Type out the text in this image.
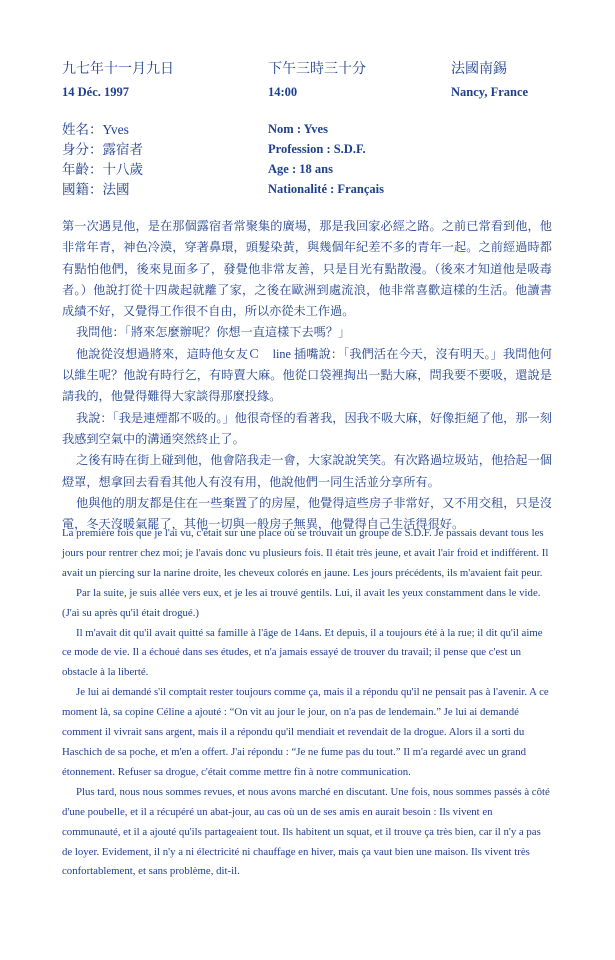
九七年十一月九日	下午三時三十分	法國南錫
14 Déc. 1997	14:00	Nancy, France
姓名：Yves	Nom : Yves
身分：露宿者	Profession : S.D.F.
年齡：十八歲	Age : 18 ans
國籍：法國	Nationalité : Français

第一次遇見他，是在那個露宿者常聚集的廣場，那是我回家必經之路。之前已常看到他，他非常年青，神色冷漠，穿著鼻環，頭髮染黃，與幾個年紀差不多的青年一起。之前經過時都有點怕他們，後來見面多了，發覺他非常友善，只是目光有點散漫。（後來才知道他是吸毒者。）他說打從十四歲起就離了家，之後在歐洲到處流浪，他非常喜歡這樣的生活。他讀書成績不好，又覺得工作很不自由，所以亦從未工作過。

我問他：「將來怎麼辦呢？你想一直這樣下去嗎？」

他說從沒想過將來，這時他女友Ｃ　line 插嘴說：「我們活在今天，沒有明天。」我問他何以維生呢？他說有時行乞，有時賣大麻。他從口袋裡掏出一點大麻，問我要不要吸，還說是請我的，他覺得難得大家談得那麼投緣。

我說：「我是連煙都不吸的。」他很奇怪的看著我，因我不吸大麻，好像拒絕了他，那一刻我感到空氣中的溝通突然終止了。

之後有時在街上碰到他，他會陪我走一會，大家說說笑笑。有次路過垃圾站，他拾起一個燈罩，想拿回去看看其他人有沒有用，他說他們一同生活並分享所有。

他與他的朋友都是住在一些棄置了的房屋，他覺得這些房子非常好，又不用交租，只是沒電，冬天沒暖氣罷了，其他一切與一般房子無異，他覺得自己生活得很好。

La première fois que je l'ai vu, c'était sur une place où se trouvait un groupe de S.D.F. Je passais devant tous les jours pour rentrer chez moi; je l'avais donc vu plusieurs fois. Il était très jeune, et avait l'air froid et indifférent. Il avait un piercing sur la narine droite, les cheveux colorés en jaune. Les jours précédents, ils m'avaient fait peur.

Par la suite, je suis allée vers eux, et je les ai trouvé gentils. Lui, il avait les yeux constamment dans le vide. (J'ai su après qu'il était drogué.)

Il m'avait dit qu'il avait quitté sa famille à l'âge de 14ans. Et depuis, il a toujours été à la rue; il dit qu'il aime ce mode de vie. Il a échoué dans ses études, et n'a jamais essayé de trouver du travail; il pense que c'est un obstacle à la liberté.

Je lui ai demandé s'il comptait rester toujours comme ça, mais il a répondu qu'il ne pensait pas à l'avenir. A ce moment là, sa copine Céline a ajouté : “On vit au jour le jour, on n'a pas de lendemain.” Je lui ai demandé comment il vivrait sans argent, mais il a répondu qu'il mendiait et revendait de la drogue. Alors il a sorti du Haschich de sa poche, et m'en a offert. J'ai répondu : “Je ne fume pas du tout.” Il m'a regardé avec un grand étonnement. Refuser sa drogue, c'était comme mettre fin à notre communication.

Plus tard, nous nous sommes revues, et nous avons marché en discutant. Une fois, nous sommes passés à côté d'une poubelle, et il a récupéré un abat-jour, au cas où un de ses amis en aurait besoin : Ils vivent en communauté, et il a ajouté qu'ils partageaient tout. Ils habitent un squat, et il trouve ça très bien, car il n'y a pas de loyer. Evidement, il n'y a ni électricité ni chauffage en hiver, mais ça vaut bien une maison. Ils vivent très confortablement, et sans problème, dit-il.
